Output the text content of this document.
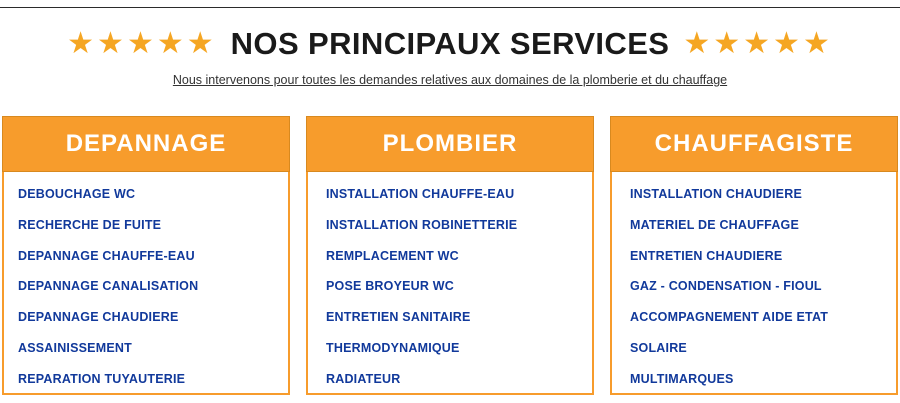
★★★★★ NOS PRINCIPAUX SERVICES ★★★★★
Nous intervenons pour toutes les demandes relatives aux domaines de la plomberie et du chauffage
DEPANNAGE
DEBOUCHAGE WC
RECHERCHE DE FUITE
DEPANNAGE CHAUFFE-EAU
DEPANNAGE CANALISATION
DEPANNAGE CHAUDIERE
ASSAINISSEMENT
REPARATION TUYAUTERIE
PLOMBIER
INSTALLATION CHAUFFE-EAU
INSTALLATION ROBINETTERIE
REMPLACEMENT WC
POSE BROYEUR WC
ENTRETIEN SANITAIRE
THERMODYNAMIQUE
RADIATEUR
CHAUFFAGISTE
INSTALLATION CHAUDIERE
MATERIEL DE CHAUFFAGE
ENTRETIEN CHAUDIERE
GAZ - CONDENSATION - FIOUL
ACCOMPAGNEMENT AIDE ETAT
SOLAIRE
MULTIMARQUES
